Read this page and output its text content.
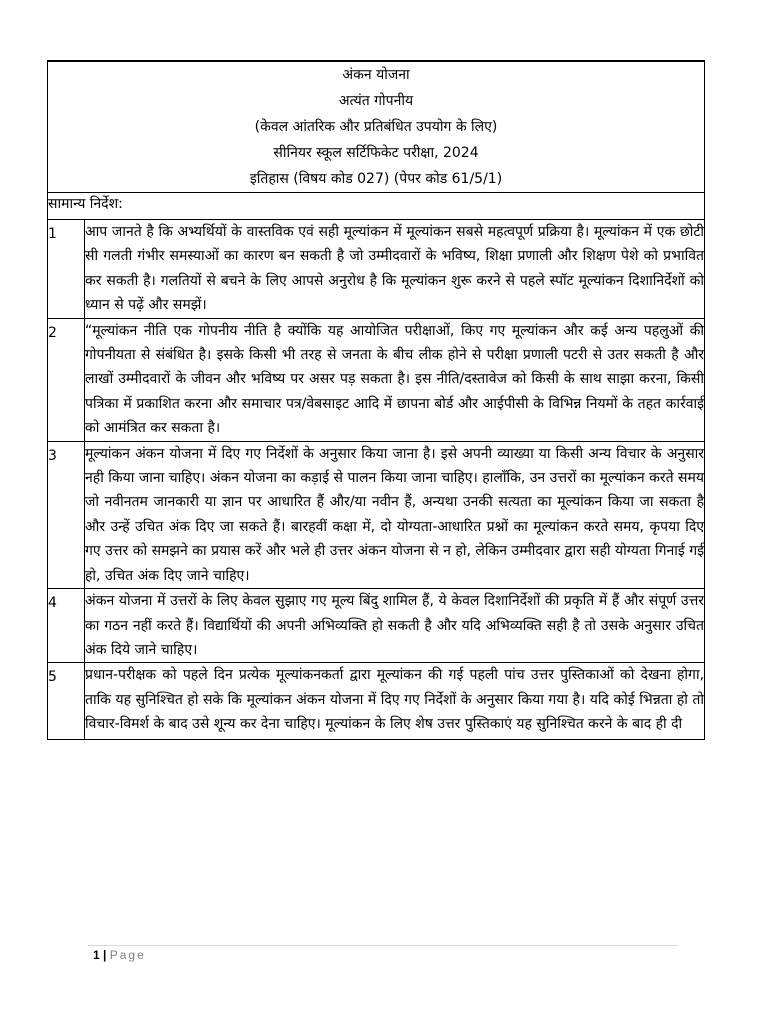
अंकन योजना
अत्यंत गोपनीय
(केवल आंतरिक और प्रतिबंधित उपयोग के लिए)
सीनियर स्कूल सर्टिफिकेट परीक्षा, 2024
इतिहास (विषय कोड 027) (पेपर कोड 61/5/1)	

सामान्य निर्देश:	
1	आप जानते है कि अभ्यर्थियों के वास्तविक एवं सही मूल्यांकन में मूल्यांकन सबसे महत्वपूर्ण प्रक्रिया है। मूल्यांकन में एक छोटी सी गलती गंभीर समस्याओं का कारण बन सकती है जो उम्मीदवारों के भविष्य, शिक्षा प्रणाली और शिक्षण पेशे को प्रभावित कर सकती है। गलतियों से बचने के लिए आपसे अनुरोध है कि मूल्यांकन शुरू करने से पहले स्पॉट मूल्यांकन दिशानिर्देशों को ध्यान से पढ़ें और समझें।
2	“मूल्यांकन नीति एक गोपनीय नीति है क्योंकि यह आयोजित परीक्षाओं, किए गए मूल्यांकन और कई अन्य पहलुओं की गोपनीयता से संबंधित है। इसके किसी भी तरह से जनता के बीच लीक होने से परीक्षा प्रणाली पटरी से उतर सकती है और लाखों उम्मीदवारों के जीवन और भविष्य पर असर पड़ सकता है। इस नीति/दस्तावेज को किसी के साथ साझा करना, किसी पत्रिका में प्रकाशित करना और समाचार पत्र/वेबसाइट आदि में छापना बोर्ड और आईपीसी के विभिन्न नियमों के तहत कार्रवाई को आमंत्रित कर सकता है।
3	मूल्यांकन अंकन योजना में दिए गए निर्देशों के अनुसार किया जाना है। इसे अपनी व्याख्या या किसी अन्य विचार के अनुसार नही किया जाना चाहिए। अंकन योजना का कड़ाई से पालन किया जाना चाहिए। हालाँकि, उन उत्तरों का मूल्यांकन करते समय जो नवीनतम जानकारी या ज्ञान पर आधारित हैं और/या नवीन हैं, अन्यथा उनकी सत्यता का मूल्यांकन किया जा सकता है और उन्हें उचित अंक दिए जा सकते हैं। बारहवीं कक्षा में, दो योग्यता-आधारित प्रश्नों का मूल्यांकन करते समय, कृपया दिए गए उत्तर को समझने का प्रयास करें और भले ही उत्तर अंकन योजना से न हो, लेकिन उम्मीदवार द्वारा सही योग्यता गिनाई गई हो, उचित अंक दिए जाने चाहिए।
4	अंकन योजना में उत्तरों के लिए केवल सुझाए गए मूल्य बिंदु शामिल हैं, ये केवल दिशानिर्देशों की प्रकृति में हैं और संपूर्ण उत्तर का गठन नहीं करते हैं। विद्यार्थियों की अपनी अभिव्यक्ति हो सकती है और यदि अभिव्यक्ति सही है तो उसके अनुसार उचित अंक दिये जाने चाहिए।
5	प्रधान-परीक्षक को पहले दिन प्रत्येक मूल्यांकनकर्ता द्वारा मूल्यांकन की गई पहली पांच उत्तर पुस्तिकाओं को देखना होगा, ताकि यह सुनिश्चित हो सके कि मूल्यांकन अंकन योजना में दिए गए निर्देशों के अनुसार किया गया है। यदि कोई भिन्नता हो तो विचार-विमर्श के बाद उसे शून्य कर देना चाहिए। मूल्यांकन के लिए शेष उत्तर पुस्तिकाएं यह सुनिश्चित करने के बाद ही दी
1 | Page
